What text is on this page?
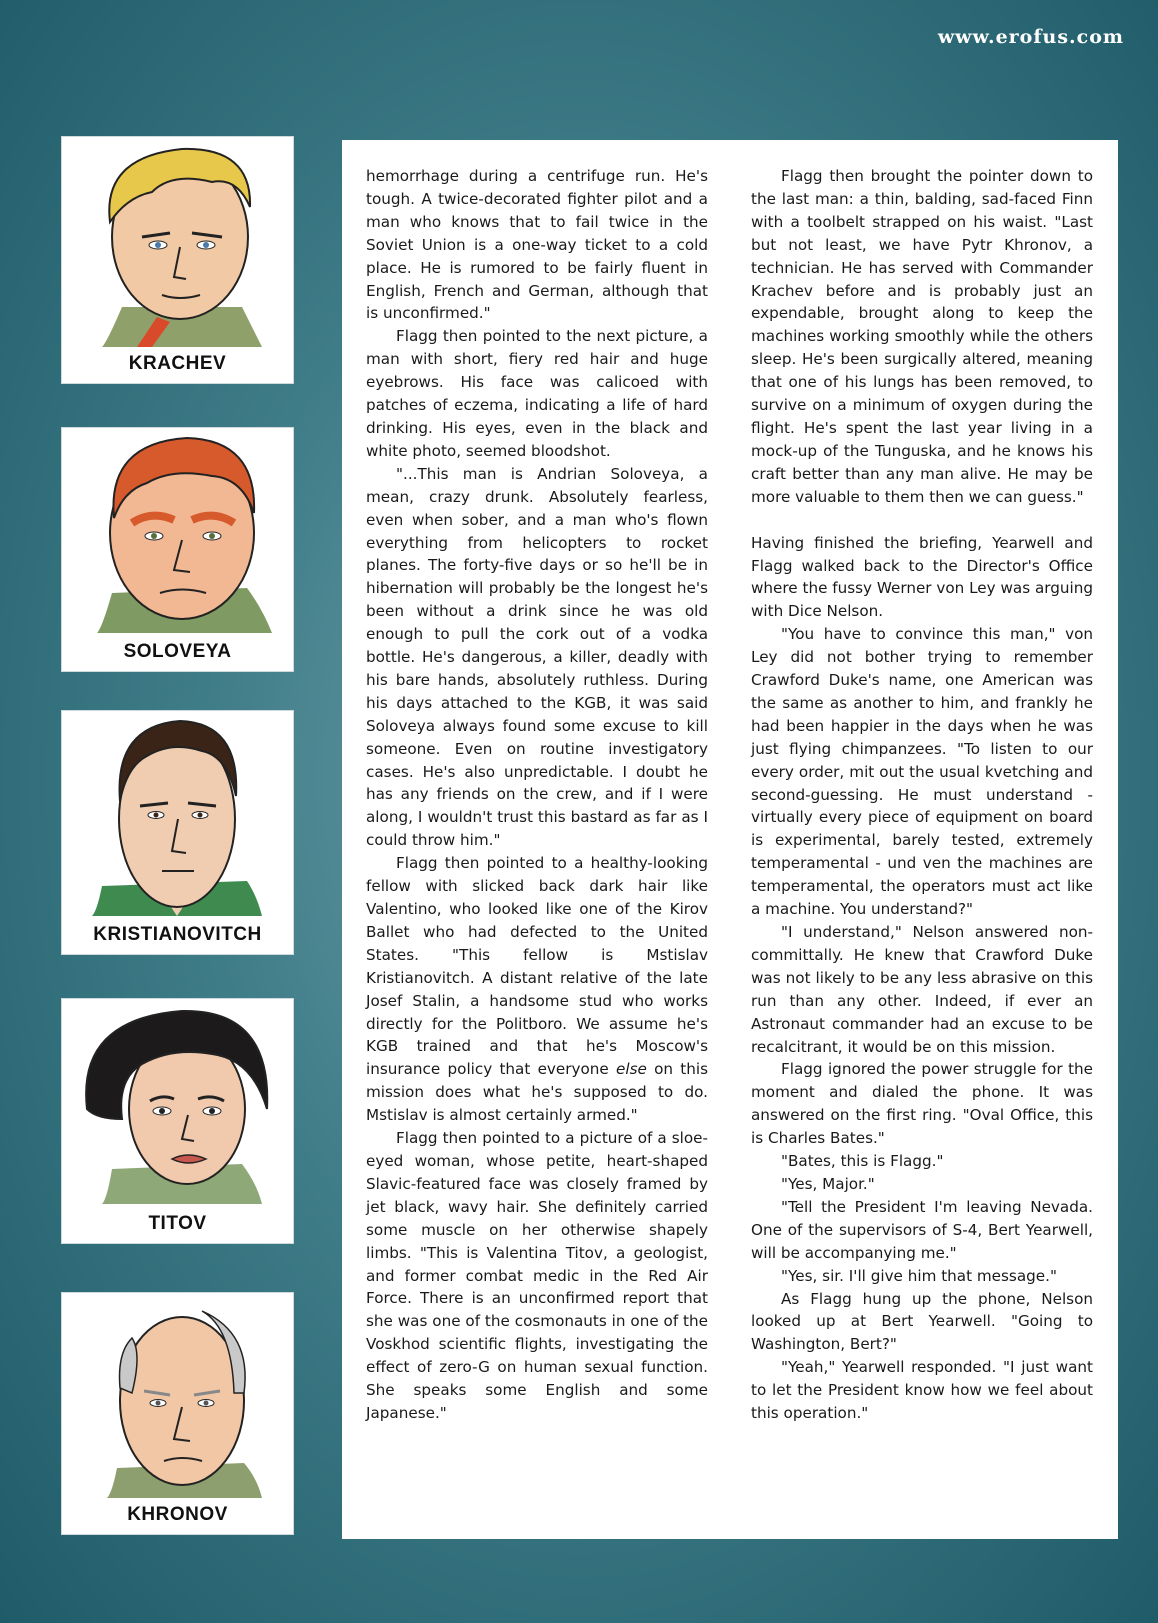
www.erofus.com
KRACHEV
SOLOVEYA
KRISTIANOVITCH
TITOV
KHRONOV

hemorrhage during a centrifuge run. He's tough. A twice-decorated fighter pilot and a man who knows that to fail twice in the Soviet Union is a one-way ticket to a cold place. He is rumored to be fairly fluent in English, French and German, although that is unconfirmed."

Flagg then pointed to the next picture, a man with short, fiery red hair and huge eyebrows. His face was calicoed with patches of eczema, indicating a life of hard drinking. His eyes, even in the black and white photo, seemed bloodshot.

"...This man is Andrian Soloveya, a mean, crazy drunk. Absolutely fearless, even when sober, and a man who's flown everything from helicopters to rocket planes. The forty-five days or so he'll be in hibernation will probably be the longest he's been without a drink since he was old enough to pull the cork out of a vodka bottle. He's dangerous, a killer, deadly with his bare hands, absolutely ruthless. During his days attached to the KGB, it was said Soloveya always found some excuse to kill someone. Even on routine investigatory cases. He's also unpredictable. I doubt he has any friends on the crew, and if I were along, I wouldn't trust this bastard as far as I could throw him."

Flagg then pointed to a healthy-looking fellow with slicked back dark hair like Valentino, who looked like one of the Kirov Ballet who had defected to the United States. "This fellow is Mstislav Kristianovitch. A distant relative of the late Josef Stalin, a handsome stud who works directly for the Politboro. We assume he's KGB trained and that he's Moscow's insurance policy that everyone else on this mission does what he's supposed to do. Mstislav is almost certainly armed."

Flagg then pointed to a picture of a sloe-eyed woman, whose petite, heart-shaped Slavic-featured face was closely framed by jet black, wavy hair. She definitely carried some muscle on her otherwise shapely limbs. "This is Valentina Titov, a geologist, and former combat medic in the Red Air Force. There is an unconfirmed report that she was one of the cosmonauts in one of the Voskhod scientific flights, investigating the effect of zero-G on human sexual function. She speaks some English and some Japanese."

Flagg then brought the pointer down to the last man: a thin, balding, sad-faced Finn with a toolbelt strapped on his waist. "Last but not least, we have Pytr Khronov, a technician. He has served with Commander Krachev before and is probably just an expendable, brought along to keep the machines working smoothly while the others sleep. He's been surgically altered, meaning that one of his lungs has been removed, to survive on a minimum of oxygen during the flight. He's spent the last year living in a mock-up of the Tunguska, and he knows his craft better than any man alive. He may be more valuable to them then we can guess."

Having finished the briefing, Yearwell and Flagg walked back to the Director's Office where the fussy Werner von Ley was arguing with Dice Nelson.

"You have to convince this man," von Ley did not bother trying to remember Crawford Duke's name, one American was the same as another to him, and frankly he had been happier in the days when he was just flying chimpanzees. "To listen to our every order, mit out the usual kvetching and second-guessing. He must understand - virtually every piece of equipment on board is experimental, barely tested, extremely temperamental - und ven the machines are temperamental, the operators must act like a machine. You understand?"

"I understand," Nelson answered non-committally. He knew that Crawford Duke was not likely to be any less abrasive on this run than any other. Indeed, if ever an Astronaut commander had an excuse to be recalcitrant, it would be on this mission.

Flagg ignored the power struggle for the moment and dialed the phone. It was answered on the first ring. "Oval Office, this is Charles Bates."

"Bates, this is Flagg."

"Yes, Major."

"Tell the President I'm leaving Nevada. One of the supervisors of S-4, Bert Yearwell, will be accompanying me."

"Yes, sir. I'll give him that message."

As Flagg hung up the phone, Nelson looked up at Bert Yearwell. "Going to Washington, Bert?"

"Yeah," Yearwell responded. "I just want to let the President know how we feel about this operation."
